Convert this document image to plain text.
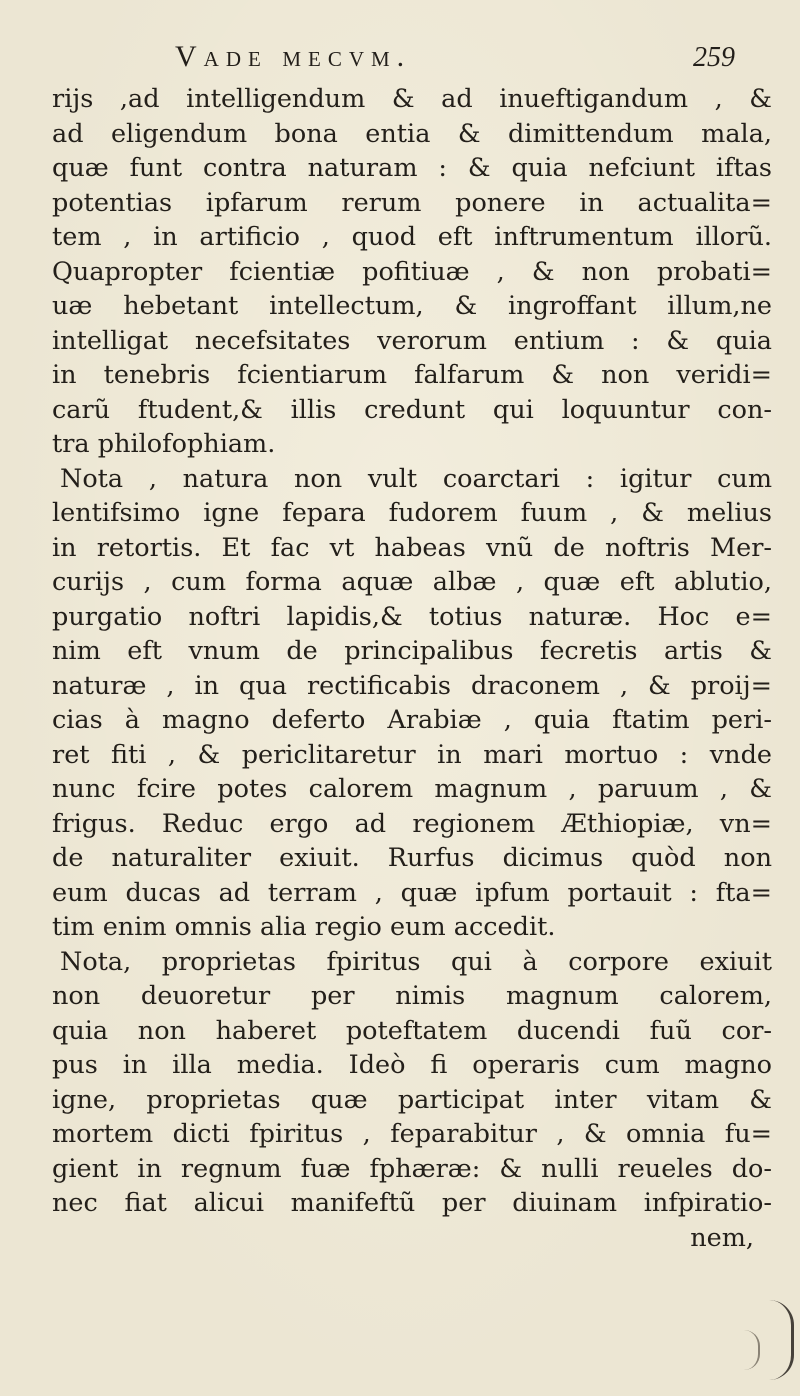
Vade mecvm.	259
rijs ,ad intelligendum & ad inueftigandum , &
ad eligendum bona entia & dimittendum mala,
quæ funt contra naturam : & quia nefciunt iftas
potentias ipfarum rerum ponere in actualita=
tem , in artificio , quod eft inftrumentum illorũ.
Quapropter fcientiæ pofitiuæ , & non probati=
uæ hebetant intellectum, & ingroffant illum,ne
intelligat necefsitates verorum entium : & quia
in tenebris fcientiarum falfarum & non veridi=
carũ ftudent,& illis credunt qui loquuntur con-
tra philofophiam.
Nota , natura non vult coarctari : igitur cum
lentifsimo igne fepara fudorem fuum , & melius
in retortis. Et fac vt habeas vnũ de noftris Mer-
curijs , cum forma aquæ albæ , quæ eft ablutio,
purgatio noftri lapidis,& totius naturæ. Hoc e=
nim eft vnum de principalibus fecretis artis &
naturæ , in qua rectificabis draconem , & proij=
cias à magno deferto Arabiæ , quia ftatim peri-
ret fiti , & periclitaretur in mari mortuo : vnde
nunc fcire potes calorem magnum , paruum , &
frigus. Reduc ergo ad regionem Æthiopiæ, vn=
de naturaliter exiuit. Rurfus dicimus quòd non
eum ducas ad terram , quæ ipfum portauit : fta=
tim enim omnis alia regio eum accedit.
Nota, proprietas fpiritus qui à corpore exiuit
non deuoretur per nimis magnum calorem,
quia non haberet poteftatem ducendi fuũ cor-
pus in illa media. Ideò fi operaris cum magno
igne, proprietas quæ participat inter vitam &
mortem dicti fpiritus , feparabitur , & omnia fu=
gient in regnum fuæ fphæræ: & nulli reueles do-
nec fiat alicui manifeftũ per diuinam infpiratio-
nem,
